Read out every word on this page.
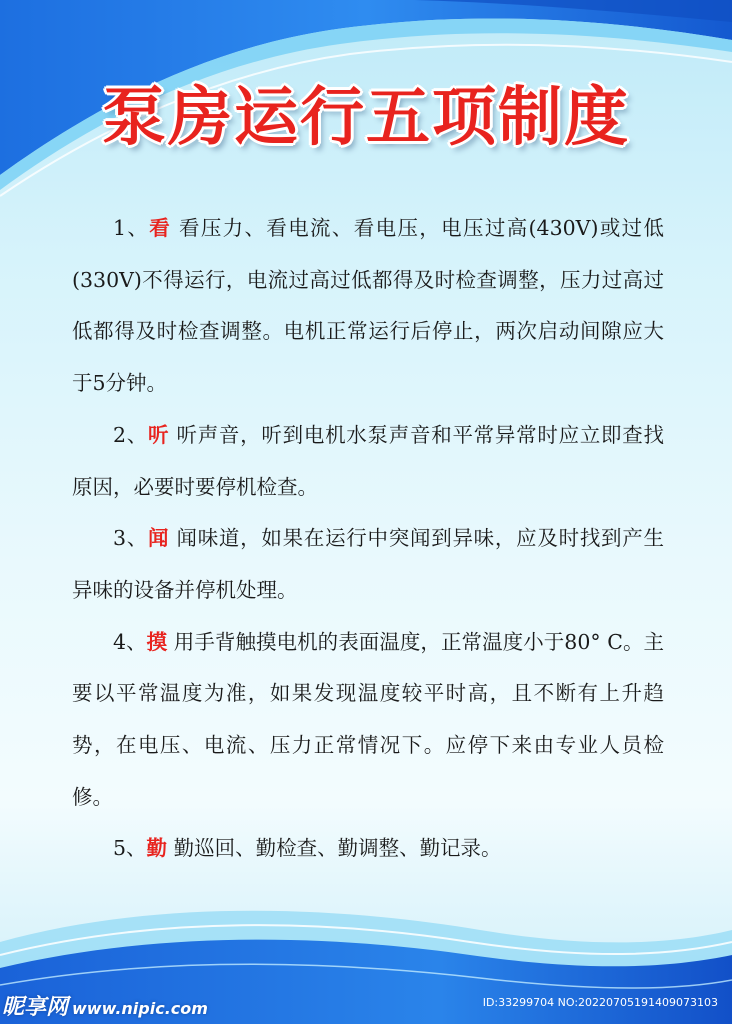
泵房运行五项制度

1、看 看压力、看电流、看电压，电压过高(430V)或过低(330V)不得运行，电流过高过低都得及时检查调整，压力过高过低都得及时检查调整。电机正常运行后停止，两次启动间隙应大于5分钟。

2、听 听声音，听到电机水泵声音和平常异常时应立即查找原因，必要时要停机检查。

3、闻 闻味道，如果在运行中突闻到异味，应及时找到产生异味的设备并停机处理。

4、摸 用手背触摸电机的表面温度，正常温度小于80° C。主要以平常温度为准，如果发现温度较平时高，且不断有上升趋势，在电压、电流、压力正常情况下。应停下来由专业人员检修。

5、勤 勤巡回、勤检查、勤调整、勤记录。

昵享网 www.nipic.com	ID:33299704 NO:20220705191409073103
